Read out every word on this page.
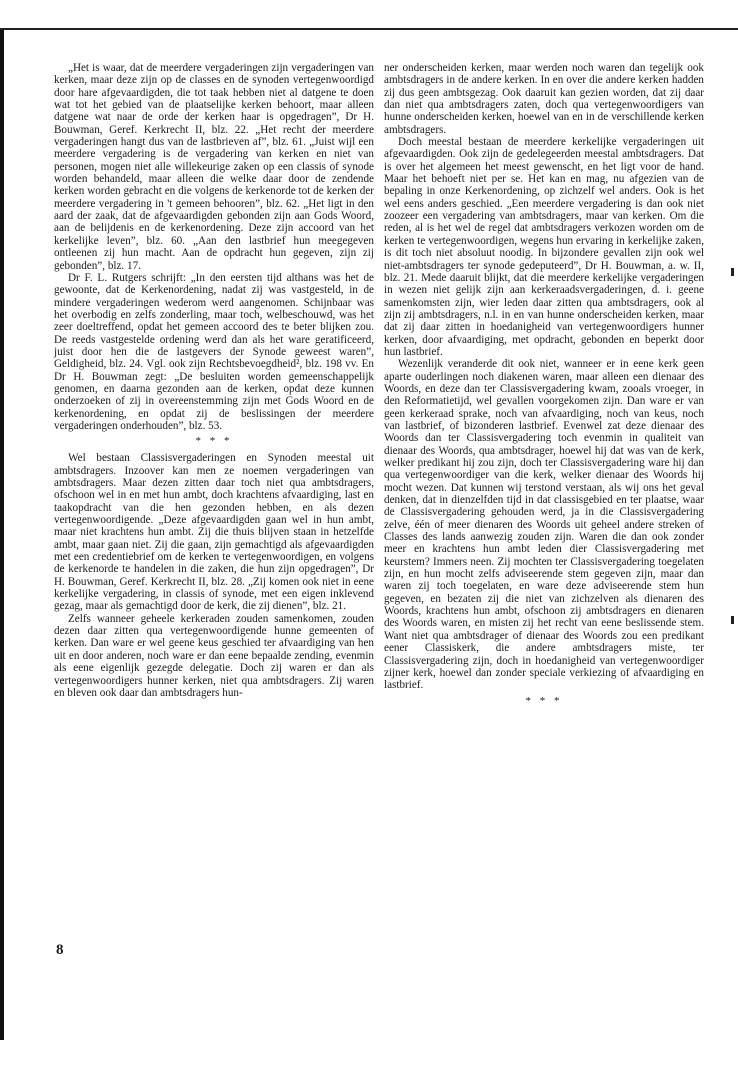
„Het is waar, dat de meerdere vergaderingen zijn vergaderingen van kerken, maar deze zijn op de classes en de synoden vertegenwoordigd door hare afgevaardigden, die tot taak hebben niet al datgene te doen wat tot het gebied van de plaatselijke kerken behoort, maar alleen datgene wat naar de orde der kerken haar is opgedragen”, Dr H. Bouwman, Geref. Kerkrecht II, blz. 22. „Het recht der meerdere vergaderingen hangt dus van de lastbrieven af”, blz. 61. „Juist wijl een meerdere vergadering is de vergadering van kerken en niet van personen, mogen niet alle willekeurige zaken op een classis of synode worden behandeld, maar alleen die welke daar door de zendende kerken worden gebracht en die volgens de kerkenorde tot de kerken der meerdere vergadering in 't gemeen behooren”, blz. 62. „Het ligt in den aard der zaak, dat de afgevaardigden gebonden zijn aan Gods Woord, aan de belijdenis en de kerkenordening. Deze zijn accoord van het kerkelijke leven”, blz. 60. „Aan den lastbrief hun meegegeven ontleenen zij hun macht. Aan de opdracht hun gegeven, zijn zij gebonden”, blz. 17.

Dr F. L. Rutgers schrijft: „In den eersten tijd althans was het de gewoonte, dat de Kerkenordening, nadat zij was vastgesteld, in de mindere vergaderingen wederom werd aangenomen. Schijnbaar was het overbodig en zelfs zonderling, maar toch, welbeschouwd, was het zeer doeltreffend, opdat het gemeen accoord des te beter blijken zou. De reeds vastgestelde ordening werd dan als het ware geratificeerd, juist door hen die de lastgevers der Synode geweest waren”, Geldigheid, blz. 24. Vgl. ook zijn Rechtsbevoegdheid², blz. 198 vv. En Dr H. Bouwman zegt: „De besluiten worden gemeenschappelijk genomen, en daarna gezonden aan de kerken, opdat deze kunnen onderzoeken of zij in overeenstemming zijn met Gods Woord en de kerkenordening, en opdat zij de beslissingen der meerdere vergaderingen onderhouden”, blz. 53.

* * *

Wel bestaan Classisvergaderingen en Synoden meestal uit ambtsdragers. Inzoover kan men ze noemen vergaderingen van ambtsdragers. Maar dezen zitten daar toch niet qua ambtsdragers, ofschoon wel in en met hun ambt, doch krachtens afvaardiging, last en taakopdracht van die hen gezonden hebben, en als dezen vertegenwoordigende. „Deze afgevaardigden gaan wel in hun ambt, maar niet krachtens hun ambt. Zij die thuis blijven staan in hetzelfde ambt, maar gaan niet. Zij die gaan, zijn gemachtigd als afgevaardigden met een credentiebrief om de kerken te vertegenwoordigen, en volgens de kerkenorde te handelen in die zaken, die hun zijn opgedragen”, Dr H. Bouwman, Geref. Kerkrecht II, blz. 28. „Zij komen ook niet in eene kerkelijke vergadering, in classis of synode, met een eigen inklevend gezag, maar als gemachtigd door de kerk, die zij dienen”, blz. 21.

Zelfs wanneer geheele kerkeraden zouden samenkomen, zouden dezen daar zitten qua vertegenwoordigende hunne gemeenten of kerken. Dan ware er wel geene keus geschied ter afvaardiging van hen uit en door anderen, noch ware er dan eene bepaalde zending, evenmin als eene eigenlijk gezegde delegatie. Doch zij waren er dan als vertegenwoordigers hunner kerken, niet qua ambtsdragers. Zij waren en bleven ook daar dan ambtsdragers hun-

ner onderscheiden kerken, maar werden noch waren dan tegelijk ook ambtsdragers in de andere kerken. In en over die andere kerken hadden zij dus geen ambtsgezag. Ook daaruit kan gezien worden, dat zij daar dan niet qua ambtsdragers zaten, doch qua vertegenwoordigers van hunne onderscheiden kerken, hoewel van en in de verschillende kerken ambtsdragers.

Doch meestal bestaan de meerdere kerkelijke vergaderingen uit afgevaardigden. Ook zijn de gedelegeerden meestal ambtsdragers. Dat is over het algemeen het meest gewenscht, en het ligt voor de hand. Maar het behoeft niet per se. Het kan en mag, nu afgezien van de bepaling in onze Kerkenordening, op zichzelf wel anders. Ook is het wel eens anders geschied. „Een meerdere vergadering is dan ook niet zoozeer een vergadering van ambtsdragers, maar van kerken. Om die reden, al is het wel de regel dat ambtsdragers verkozen worden om de kerken te vertegenwoordigen, wegens hun ervaring in kerkelijke zaken, is dit toch niet absoluut noodig. In bijzondere gevallen zijn ook wel niet-ambtsdragers ter synode gedeputeerd”, Dr H. Bouwman, a. w. II, blz. 21. Mede daaruit blijkt, dat die meerdere kerkelijke vergaderingen in wezen niet gelijk zijn aan kerkeraadsvergaderingen, d. i. geene samenkomsten zijn, wier leden daar zitten qua ambtsdragers, ook al zijn zij ambtsdragers, n.l. in en van hunne onderscheiden kerken, maar dat zij daar zitten in hoedanigheid van vertegenwoordigers hunner kerken, door afvaardiging, met opdracht, gebonden en beperkt door hun lastbrief.

Wezenlijk veranderde dit ook niet, wanneer er in eene kerk geen aparte ouderlingen noch diakenen waren, maar alleen een dienaar des Woords, en deze dan ter Classisvergadering kwam, zooals vroeger, in den Reformatietijd, wel gevallen voorgekomen zijn. Dan ware er van geen kerkeraad sprake, noch van afvaardiging, noch van keus, noch van lastbrief, of bizonderen lastbrief. Evenwel zat deze dienaar des Woords dan ter Classisvergadering toch evenmin in qualiteit van dienaar des Woords, qua ambtsdrager, hoewel hij dat was van de kerk, welker predikant hij zou zijn, doch ter Classisvergadering ware hij dan qua vertegenwoordiger van die kerk, welker dienaar des Woords hij mocht wezen. Dat kunnen wij terstond verstaan, als wij ons het geval denken, dat in dienzelfden tijd in dat classisgebied en ter plaatse, waar de Classisvergadering gehouden werd, ja in die Classisvergadering zelve, één of meer dienaren des Woords uit geheel andere streken of Classes des lands aanwezig zouden zijn. Waren die dan ook zonder meer en krachtens hun ambt leden dier Classisvergadering met keurstem? Immers neen. Zij mochten ter Classisvergadering toegelaten zijn, en hun mocht zelfs adviseerende stem gegeven zijn, maar dan waren zij toch toegelaten, en ware deze adviseerende stem hun gegeven, en bezaten zij die niet van zichzelven als dienaren des Woords, krachtens hun ambt, ofschoon zij ambtsdragers en dienaren des Woords waren, en misten zij het recht van eene beslissende stem. Want niet qua ambtsdrager of dienaar des Woords zou een predikant eener Classiskerk, die andere ambtsdragers miste, ter Classisvergadering zijn, doch in hoedanigheid van vertegenwoordiger zijner kerk, hoewel dan zonder speciale verkiezing of afvaardiging en lastbrief.

* * *
8
